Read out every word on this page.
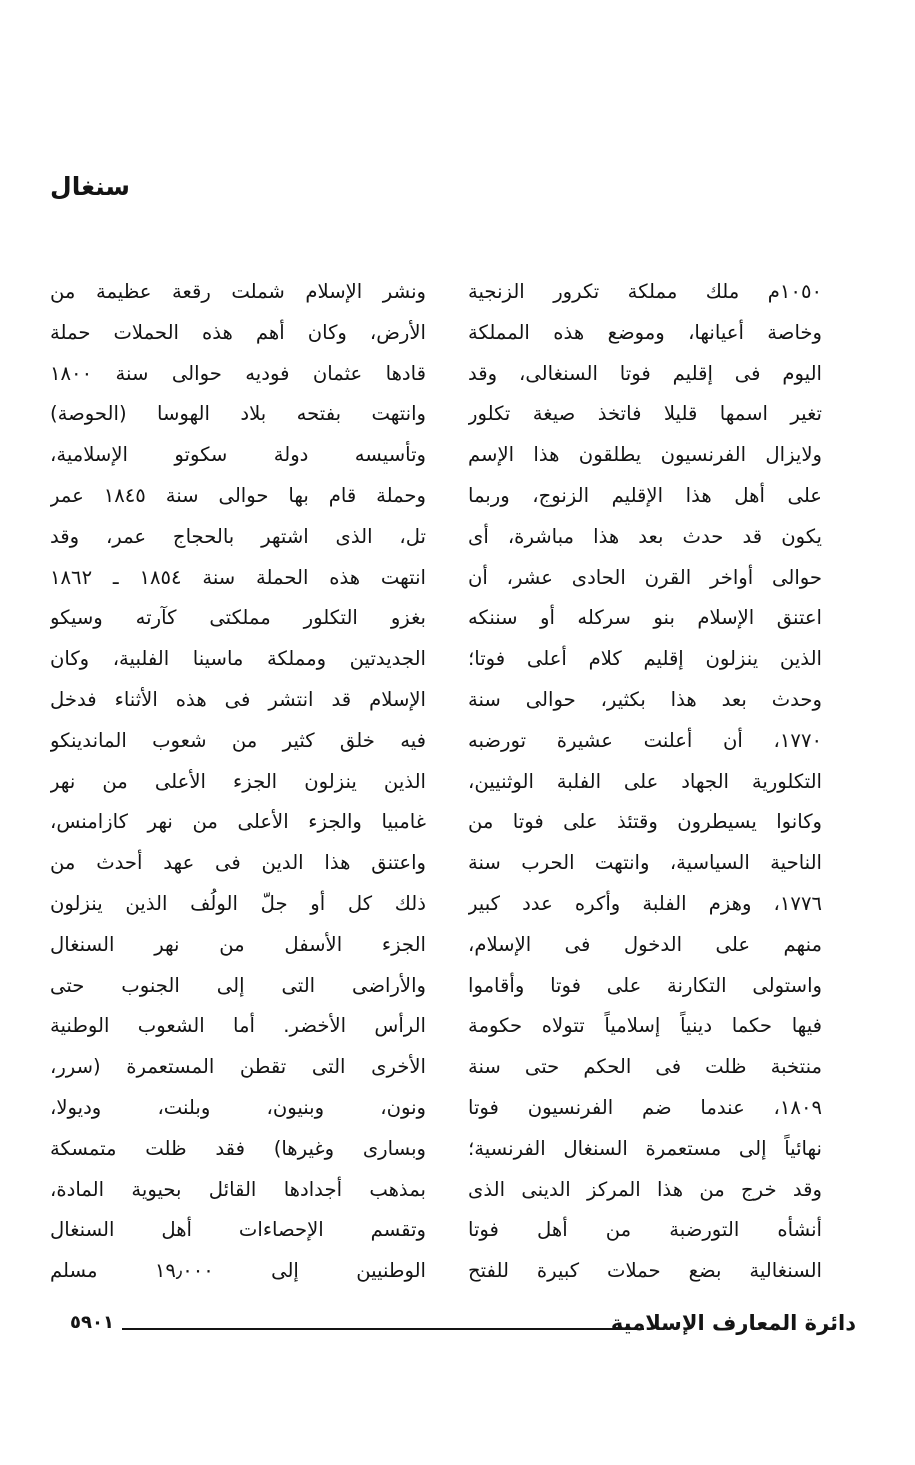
سنغال
١٠٥٠م ملك مملكة تكرور الزنجية
وخاصة أعيانها، وموضع هذه المملكة
اليوم فى إقليم فوتا السنغالى، وقد
تغير اسمها قليلا فاتخذ صيغة تكلور
ولايزال الفرنسيون يطلقون هذا الإسم
على أهل هذا الإقليم الزنوج، وربما
يكون قد حدث بعد هذا مباشرة، أى
حوالى أواخر القرن الحادى عشر، أن
اعتنق الإسلام بنو سركله أو سننكه
الذين ينزلون إقليم كلام أعلى فوتا؛
وحدث بعد هذا بكثير، حوالى سنة
١٧٧٠، أن أعلنت عشيرة تورضبه
التكلورية الجهاد على الفلبة الوثنيين،
وكانوا يسيطرون وقتئذ على فوتا من
الناحية السياسية، وانتهت الحرب سنة
١٧٧٦، وهزم الفلبة وأكره عدد كبير
منهم على الدخول فى الإسلام،
واستولى التكارنة على فوتا وأقاموا
فيها حكما دينياً إسلامياً تتولاه حكومة
منتخبة ظلت فى الحكم حتى سنة
١٨٠٩، عندما ضم الفرنسيون فوتا
نهائياً إلى مستعمرة السنغال الفرنسية؛
وقد خرج من هذا المركز الدينى الذى
أنشأه التورضبة من أهل فوتا
السنغالية بضع حملات كبيرة للفتح
ونشر الإسلام شملت رقعة عظيمة من
الأرض، وكان أهم هذه الحملات حملة
قادها عثمان فوديه حوالى سنة ١٨٠٠
وانتهت بفتحه بلاد الهوسا (الحوصة)
وتأسيسه دولة سكوتو الإسلامية،
وحملة قام بها حوالى سنة ١٨٤٥ عمر
تل، الذى اشتهر بالحجاج عمر، وقد
انتهت هذه الحملة سنة ١٨٥٤ ـ ١٨٦٢
بغزو التكلور مملكتى كآرته وسيكو
الجديدتين ومملكة ماسينا الفلبية، وكان
الإسلام قد انتشر فى هذه الأثناء فدخل
فيه خلق كثير من شعوب الماندينكو
الذين ينزلون الجزء الأعلى من نهر
غامبيا والجزء الأعلى من نهر كازامنس،
واعتنق هذا الدين فى عهد أحدث من
ذلك كل أو جلّ الولُف الذين ينزلون
الجزء الأسفل من نهر السنغال
والأراضى التى إلى الجنوب حتى
الرأس الأخضر. أما الشعوب الوطنية
الأخرى التى تقطن المستعمرة (سرر،
ونون، وبنيون، وبلنت، وديولا،
وبسارى وغيرها) فقد ظلت متمسكة
بمذهب أجدادها القائل بحيوية المادة،
وتقسم الإحصاءات أهل السنغال
الوطنيين إلى ١٩٫٠٠٠ مسلم
دائرة المعارف الإسلامية
٥٩٠١
